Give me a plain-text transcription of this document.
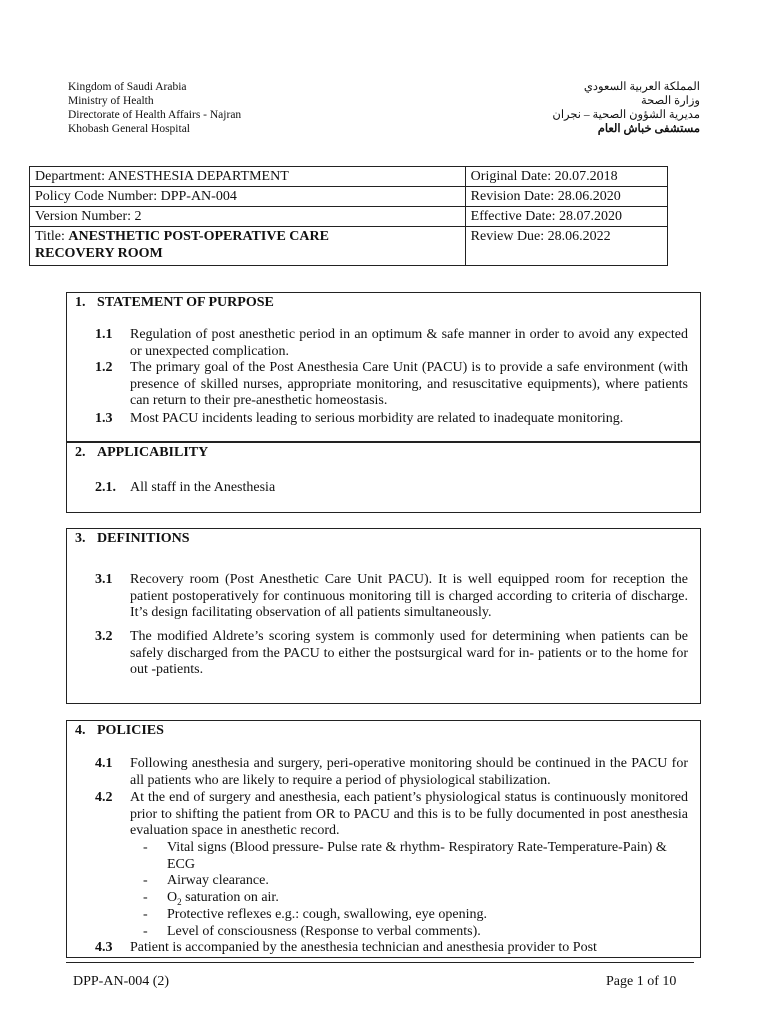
Kingdom of Saudi Arabia
Ministry of Health
Directorate of Health Affairs - Najran
Khobash General Hospital
المملكة العربية السعودي
وزارة الصحة
مديرية الشؤون الصحية – نجران
مستشفى خباش العام
Department: ANESTHESIA DEPARTMENT	Original Date: 20.07.2018
Policy Code Number: DPP-AN-004	Revision Date: 28.06.2020
Version Number: 2	Effective Date: 28.07.2020
Title: ANESTHETIC POST-OPERATIVE CARE
RECOVERY ROOM	Review Due: 28.06.2022
1. STATEMENT OF PURPOSE
1.1 Regulation of post anesthetic period in an optimum & safe manner in order to avoid any expected or unexpected complication.
1.2 The primary goal of the Post Anesthesia Care Unit (PACU) is to provide a safe environment (with presence of skilled nurses, appropriate monitoring, and resuscitative equipments), where patients can return to their pre-anesthetic homeostasis.
1.3 Most PACU incidents leading to serious morbidity are related to inadequate monitoring.
2. APPLICABILITY
2.1. All staff in the Anesthesia
3. DEFINITIONS
3.1 Recovery room (Post Anesthetic Care Unit PACU). It is well equipped room for reception the patient postoperatively for continuous monitoring till is charged according to criteria of discharge. It’s design facilitating observation of all patients simultaneously.
3.2 The modified Aldrete’s scoring system is commonly used for determining when patients can be safely discharged from the PACU to either the postsurgical ward for in- patients or to the home for out -patients.
4. POLICIES
4.1 Following anesthesia and surgery, peri-operative monitoring should be continued in the PACU for all patients who are likely to require a period of physiological stabilization.
4.2 At the end of surgery and anesthesia, each patient’s physiological status is continuously monitored prior to shifting the patient from OR to PACU and this is to be fully documented in post anesthesia evaluation space in anesthetic record.
- Vital signs (Blood pressure- Pulse rate & rhythm- Respiratory Rate-Temperature-Pain) & ECG
- Airway clearance.
- $O_2$ saturation on air.
- Protective reflexes e.g.: cough, swallowing, eye opening.
- Level of consciousness (Response to verbal comments).
4.3 Patient is accompanied by the anesthesia technician and anesthesia provider to Post
DPP-AN-004 (2)	Page 1 of 10
